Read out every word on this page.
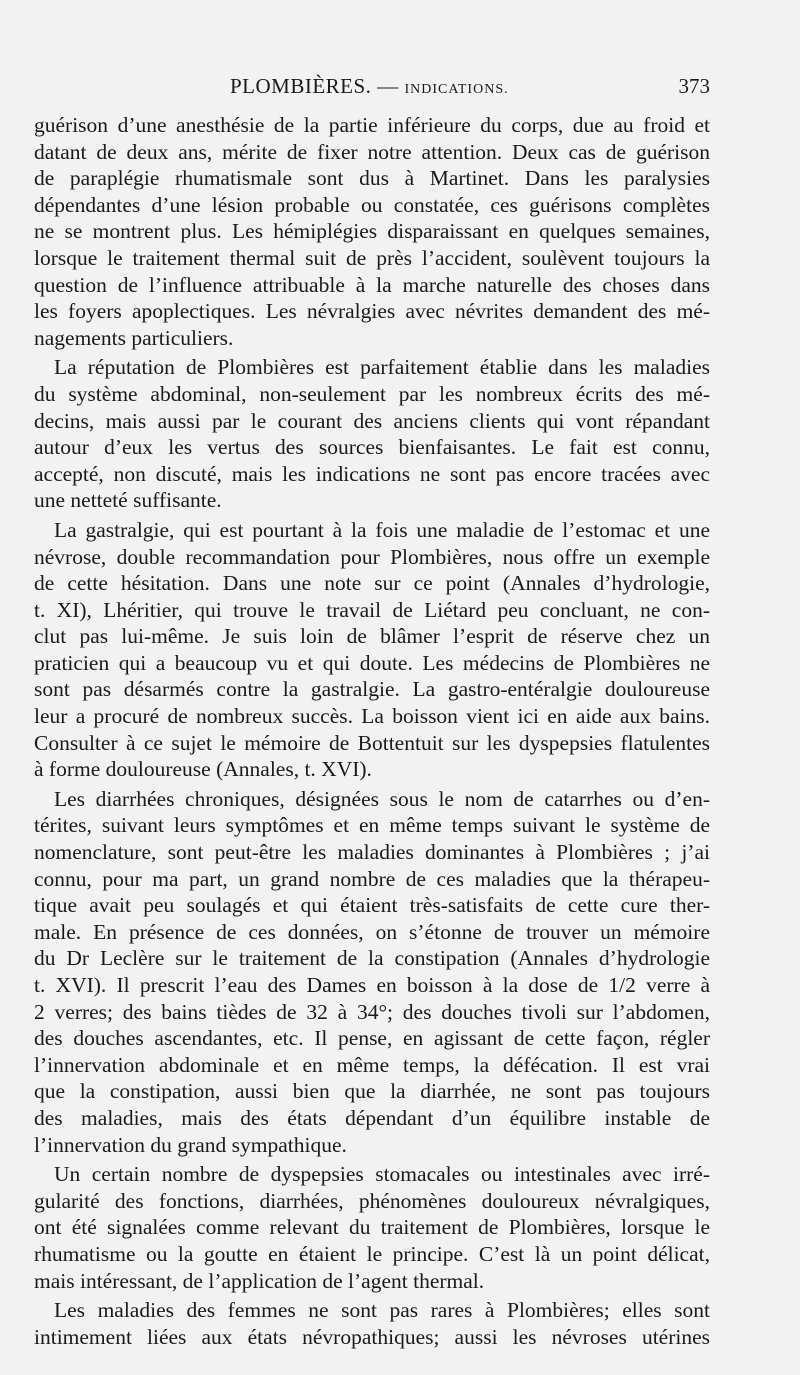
PLOMBIÈRES. — INDICATIONS.	373
guérison d’une anesthésie de la partie inférieure du corps, due au froid et
datant de deux ans, mérite de fixer notre attention. Deux cas de guérison
de paraplégie rhumatismale sont dus à Martinet. Dans les paralysies
dépendantes d’une lésion probable ou constatée, ces guérisons complètes
ne se montrent plus. Les hémiplégies disparaissant en quelques semaines,
lorsque le traitement thermal suit de près l’accident, soulèvent toujours la
question de l’influence attribuable à la marche naturelle des choses dans
les foyers apoplectiques. Les névralgies avec névrites demandent des mé-
nagements particuliers.
La réputation de Plombières est parfaitement établie dans les maladies
du système abdominal, non-seulement par les nombreux écrits des mé-
decins, mais aussi par le courant des anciens clients qui vont répandant
autour d’eux les vertus des sources bienfaisantes. Le fait est connu,
accepté, non discuté, mais les indications ne sont pas encore tracées avec
une netteté suffisante.
La gastralgie, qui est pourtant à la fois une maladie de l’estomac et une
névrose, double recommandation pour Plombières, nous offre un exemple
de cette hésitation. Dans une note sur ce point (Annales d’hydrologie,
t. XI), Lhéritier, qui trouve le travail de Liétard peu concluant, ne con-
clut pas lui-même. Je suis loin de blâmer l’esprit de réserve chez un
praticien qui a beaucoup vu et qui doute. Les médecins de Plombières ne
sont pas désarmés contre la gastralgie. La gastro-entéralgie douloureuse
leur a procuré de nombreux succès. La boisson vient ici en aide aux bains.
Consulter à ce sujet le mémoire de Bottentuit sur les dyspepsies flatulentes
à forme douloureuse (Annales, t. XVI).
Les diarrhées chroniques, désignées sous le nom de catarrhes ou d’en-
térites, suivant leurs symptômes et en même temps suivant le système de
nomenclature, sont peut-être les maladies dominantes à Plombières ; j’ai
connu, pour ma part, un grand nombre de ces maladies que la thérapeu-
tique avait peu soulagés et qui étaient très-satisfaits de cette cure ther-
male. En présence de ces données, on s’étonne de trouver un mémoire
du Dr Leclère sur le traitement de la constipation (Annales d’hydrologie
t. XVI). Il prescrit l’eau des Dames en boisson à la dose de 1/2 verre à
2 verres; des bains tièdes de 32 à 34°; des douches tivoli sur l’abdomen,
des douches ascendantes, etc. Il pense, en agissant de cette façon, régler
l’innervation abdominale et en même temps, la défécation. Il est vrai
que la constipation, aussi bien que la diarrhée, ne sont pas toujours
des maladies, mais des états dépendant d’un équilibre instable de
l’innervation du grand sympathique.
Un certain nombre de dyspepsies stomacales ou intestinales avec irré-
gularité des fonctions, diarrhées, phénomènes douloureux névralgiques,
ont été signalées comme relevant du traitement de Plombières, lorsque le
rhumatisme ou la goutte en étaient le principe. C’est là un point délicat,
mais intéressant, de l’application de l’agent thermal.
Les maladies des femmes ne sont pas rares à Plombières; elles sont
intimement liées aux états névropathiques; aussi les névroses utérines
